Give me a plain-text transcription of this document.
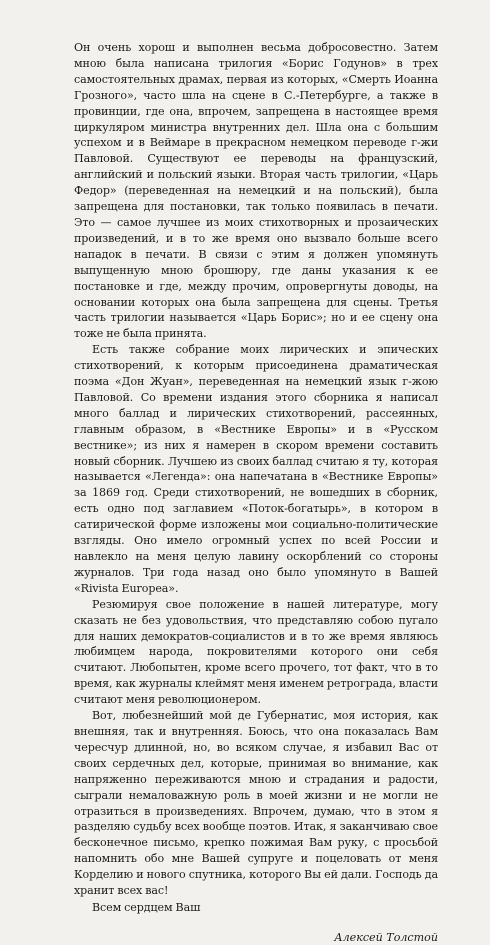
Он очень хорош и выполнен весьма добросовестно. Затем мною была написана трилогия «Борис Годунов» в трех самостоятельных драмах, первая из которых, «Смерть Иоанна Грозного», часто шла на сцене в С.-Петербурге, а также в провинции, где она, впрочем, запрещена в настоящее время циркуляром министра внутренних дел. Шла она с большим успехом и в Веймаре в прекрасном немецком переводе г-жи Павловой. Существуют ее переводы на французский, английский и польский языки. Вторая часть трилогии, «Царь Федор» (переведенная на немецкий и на польский), была запрещена для постановки, так только появилась в печати. Это — самое лучшее из моих стихотворных и прозаических произведений, и в то же время оно вызвало больше всего нападок в печати. В связи с этим я должен упомянуть выпущенную мною брошюру, где даны указания к ее постановке и где, между прочим, опровергнуты доводы, на основании которых она была запрещена для сцены. Третья часть трилогии называется «Царь Борис»; но и ее сцену она тоже не была принята.

Есть также собрание моих лирических и эпических стихотворений, к которым присоединена драматическая поэма «Дон Жуан», переведенная на немецкий язык г-жою Павловой. Со времени издания этого сборника я написал много баллад и лирических стихотворений, рассеянных, главным образом, в «Вестнике Европы» и в «Русском вестнике»; из них я намерен в скором времени составить новый сборник. Лучшею из своих баллад считаю я ту, которая называется «Легенда»: она напечатана в «Вестнике Европы» за 1869 год. Среди стихотворений, не вошедших в сборник, есть одно под заглавием «Поток-богатырь», в котором в сатирической форме изложены мои социально-политические взгляды. Оно имело огромный успех по всей России и навлекло на меня целую лавину оскорблений со стороны журналов. Три года назад оно было упомянуто в Вашей «Rivista Europea».

Резюмируя свое положение в нашей литературе, могу сказать не без удовольствия, что представляю собою пугало для наших демократов-социалистов и в то же время являюсь любимцем народа, покровителями которого они себя считают. Любопытен, кроме всего прочего, тот факт, что в то время, как журналы клеймят меня именем ретроградa, власти считают меня революционером.

Вот, любезнейший мой де Губернатис, моя история, как внешняя, так и внутренняя. Боюсь, что она показалась Вам чересчур длинной, но, во всяком случае, я избавил Вас от своих сердечных дел, которые, принимая во внимание, как напряженно переживаются мною и страдания и радости, сыграли немаловажную роль в моей жизни и не могли не отразиться в произведениях. Впрочем, думаю, что в этом я разделяю судьбу всех вообще поэтов. Итак, я заканчиваю свое бесконечное письмо, крепко пожимая Вам руку, с просьбой напомнить обо мне Вашей супруге и поцеловать от меня Корделию и нового спутника, которого Вы ей дали. Господь да хранит всех вас!

Всем сердцем Ваш

Алексей Толстой
